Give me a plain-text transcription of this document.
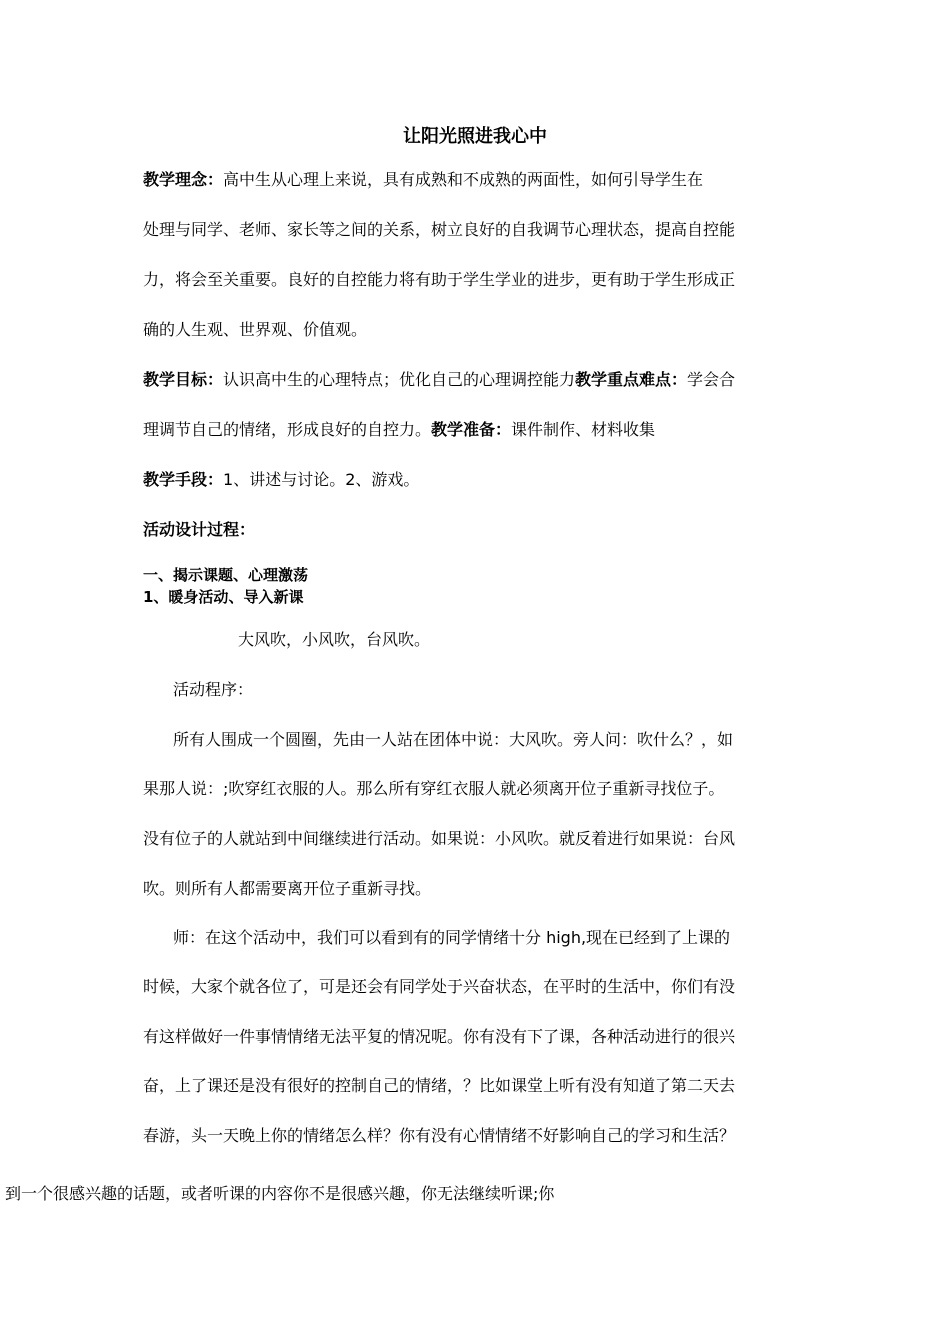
让阳光照进我心中

教学理念：高中生从心理上来说，具有成熟和不成熟的两面性，如何引导学生在

处理与同学、老师、家长等之间的关系，树立良好的自我调节心理状态，提高自控能

力，将会至关重要。良好的自控能力将有助于学生学业的进步，更有助于学生形成正

确的人生观、世界观、价值观。

教学目标：认识高中生的心理特点；优化自己的心理调控能力教学重点难点：学会合

理调节自己的情绪，形成良好的自控力。教学准备：课件制作、材料收集

教学手段：1、讲述与讨论。2、游戏。

活动设计过程：

一、揭示课题、心理激荡

1、暖身活动、导入新课

大风吹，小风吹，台风吹。

活动程序：

所有人围成一个圆圈，先由一人站在团体中说：大风吹。旁人问：吹什么？，如

果那人说：;吹穿红衣服的人。那么所有穿红衣服人就必须离开位子重新寻找位子。

没有位子的人就站到中间继续进行活动。如果说：小风吹。就反着进行如果说：台风

吹。则所有人都需要离开位子重新寻找。

师：在这个活动中，我们可以看到有的同学情绪十分 high,现在已经到了上课的

时候，大家个就各位了，可是还会有同学处于兴奋状态，在平时的生活中，你们有没

有这样做好一件事情情绪无法平复的情况呢。你有没有下了课，各种活动进行的很兴

奋，上了课还是没有很好的控制自己的情绪，？比如课堂上听有没有知道了第二天去

春游，头一天晚上你的情绪怎么样？你有没有心情情绪不好影响自己的学习和生活？

到一个很感兴趣的话题，或者听课的内容你不是很感兴趣，你无法继续听课;你
